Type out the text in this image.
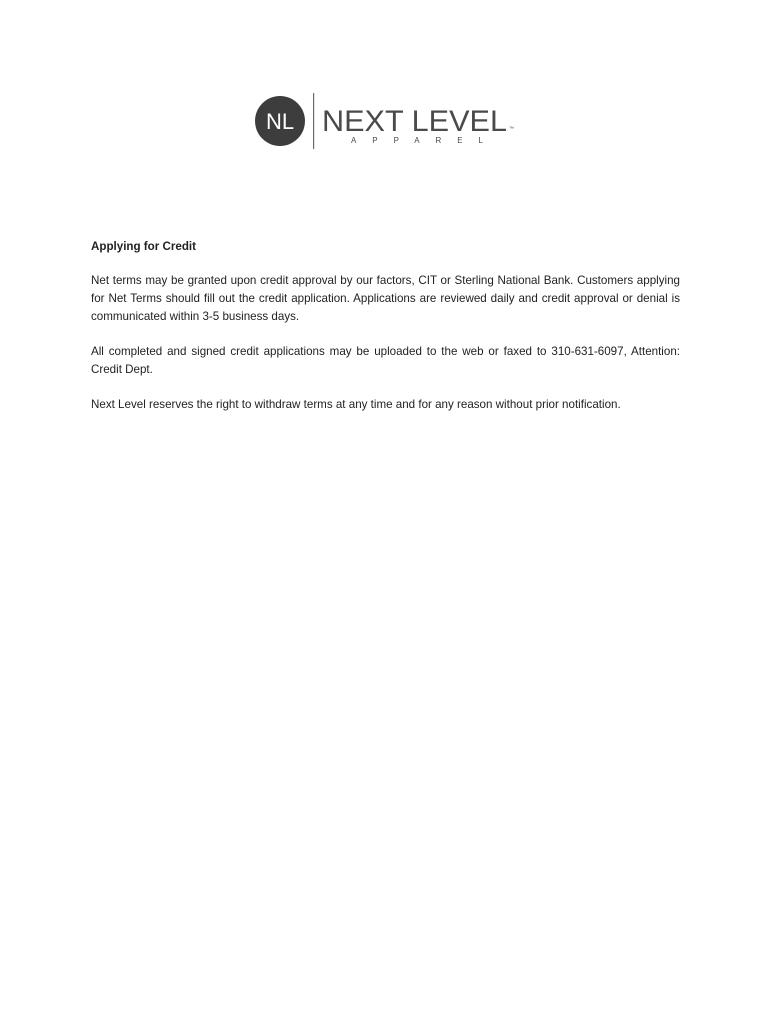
NL NEXT LEVEL ™
APPAREL
Applying for Credit

Net terms may be granted upon credit approval by our factors, CIT or Sterling National Bank. Customers applying for Net Terms should fill out the credit application. Applications are reviewed daily and credit approval or denial is communicated within 3-5 business days.

All completed and signed credit applications may be uploaded to the web or faxed to 310-631-6097, Attention: Credit Dept.

Next Level reserves the right to withdraw terms at any time and for any reason without prior notification.
